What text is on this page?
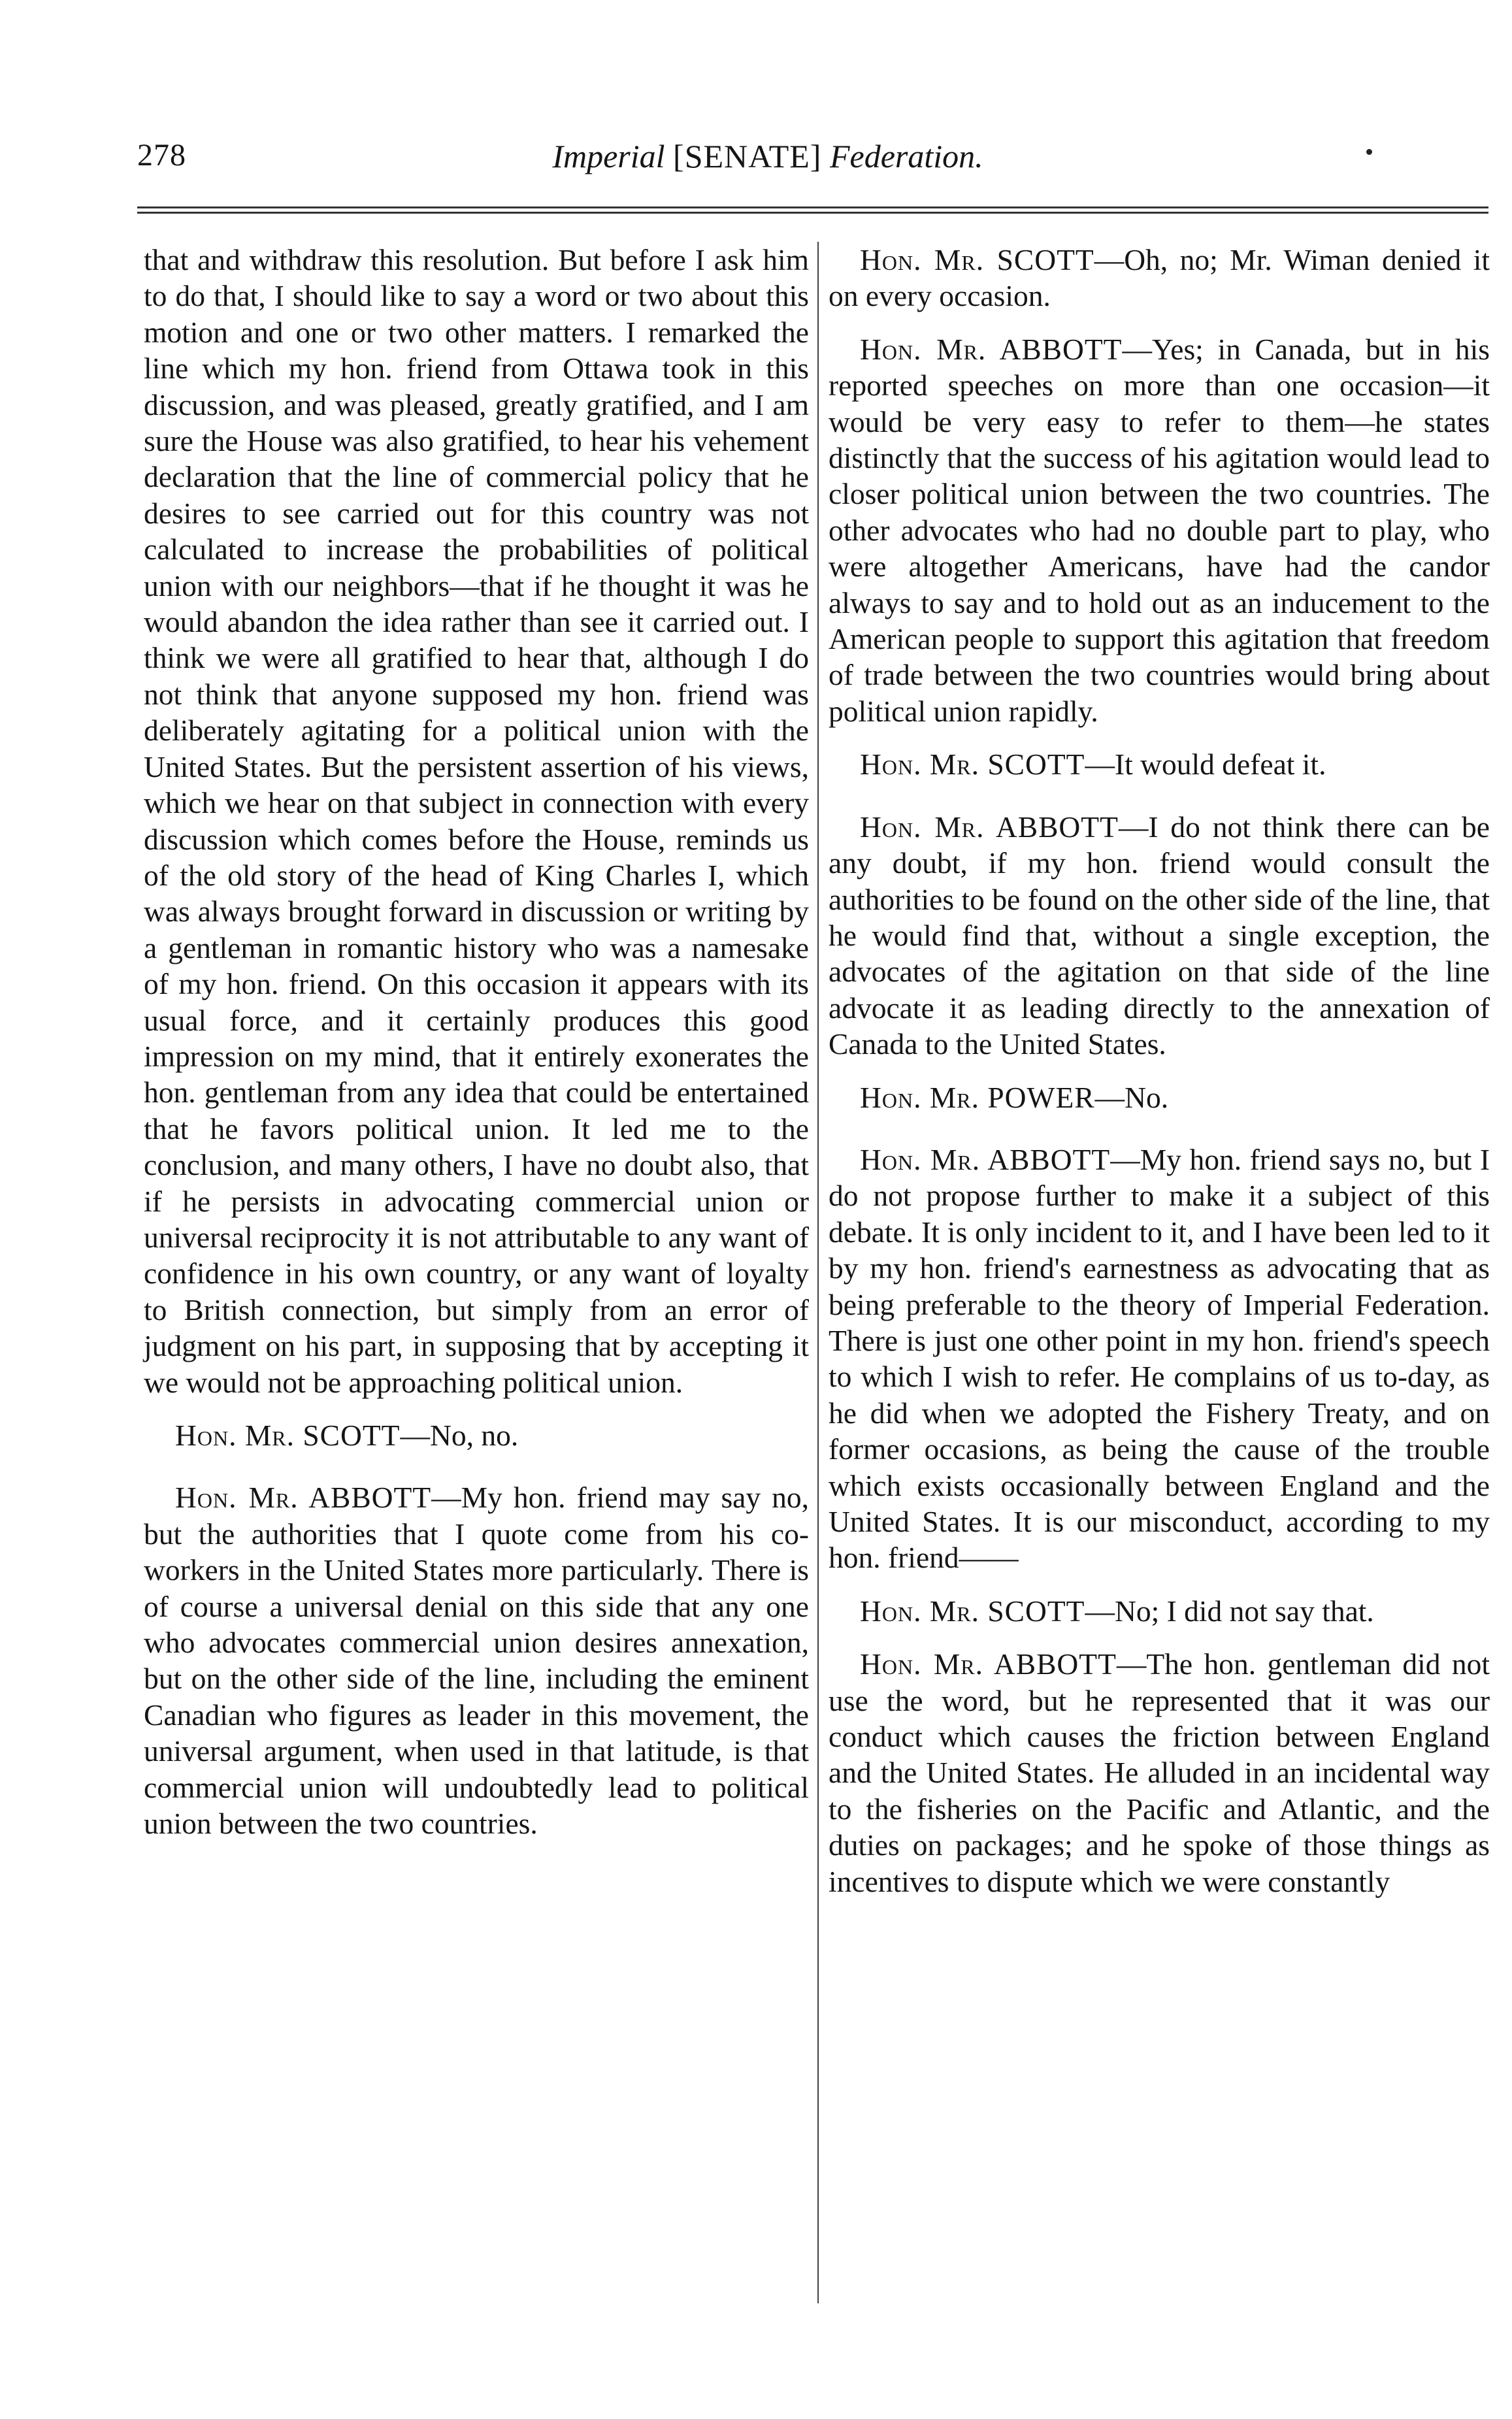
278	Imperial [SENATE] Federation.

that and withdraw this resolution. But before I ask him to do that, I should like to say a word or two about this motion and one or two other matters. I remarked the line which my hon. friend from Ottawa took in this discussion, and was pleased, greatly gratified, and I am sure the House was also gratified, to hear his vehement declaration that the line of commercial policy that he desires to see carried out for this country was not calculated to increase the probabilities of political union with our neighbors—that if he thought it was he would abandon the idea rather than see it carried out. I think we were all gratified to hear that, although I do not think that anyone supposed my hon. friend was deliberately agitating for a political union with the United States. But the persistent assertion of his views, which we hear on that subject in connection with every discussion which comes before the House, reminds us of the old story of the head of King Charles I, which was always brought forward in discussion or writing by a gentleman in romantic history who was a namesake of my hon. friend. On this occasion it appears with its usual force, and it certainly produces this good impression on my mind, that it entirely exonerates the hon. gentleman from any idea that could be entertained that he favors political union. It led me to the conclusion, and many others, I have no doubt also, that if he persists in advocating commercial union or universal reciprocity it is not attributable to any want of confidence in his own country, or any want of loyalty to British connection, but simply from an error of judgment on his part, in supposing that by accepting it we would not be approaching political union.

Hon. Mr. SCOTT—No, no.

Hon. Mr. ABBOTT—My hon. friend may say no, but the authorities that I quote come from his co-workers in the United States more particularly. There is of course a universal denial on this side that any one who advocates commercial union desires annexation, but on the other side of the line, including the eminent Canadian who figures as leader in this movement, the universal argument, when used in that latitude, is that commercial union will undoubtedly lead to political union between the two countries.

Hon. Mr. SCOTT—Oh, no; Mr. Wiman denied it on every occasion.

Hon. Mr. ABBOTT—Yes; in Canada, but in his reported speeches on more than one occasion—it would be very easy to refer to them—he states distinctly that the success of his agitation would lead to closer political union between the two countries. The other advocates who had no double part to play, who were altogether Americans, have had the candor always to say and to hold out as an inducement to the American people to support this agitation that freedom of trade between the two countries would bring about political union rapidly.

Hon. Mr. SCOTT—It would defeat it.

Hon. Mr. ABBOTT—I do not think there can be any doubt, if my hon. friend would consult the authorities to be found on the other side of the line, that he would find that, without a single exception, the advocates of the agitation on that side of the line advocate it as leading directly to the annexation of Canada to the United States.

Hon. Mr. POWER—No.

Hon. Mr. ABBOTT—My hon. friend says no, but I do not propose further to make it a subject of this debate. It is only incident to it, and I have been led to it by my hon. friend's earnestness as advocating that as being preferable to the theory of Imperial Federation. There is just one other point in my hon. friend's speech to which I wish to refer. He complains of us to-day, as he did when we adopted the Fishery Treaty, and on former occasions, as being the cause of the trouble which exists occasionally between England and the United States. It is our misconduct, according to my hon. friend——

Hon. Mr. SCOTT—No; I did not say that.

Hon. Mr. ABBOTT—The hon. gentleman did not use the word, but he represented that it was our conduct which causes the friction between England and the United States. He alluded in an incidental way to the fisheries on the Pacific and Atlantic, and the duties on packages; and he spoke of those things as incentives to dispute which we were constantly
